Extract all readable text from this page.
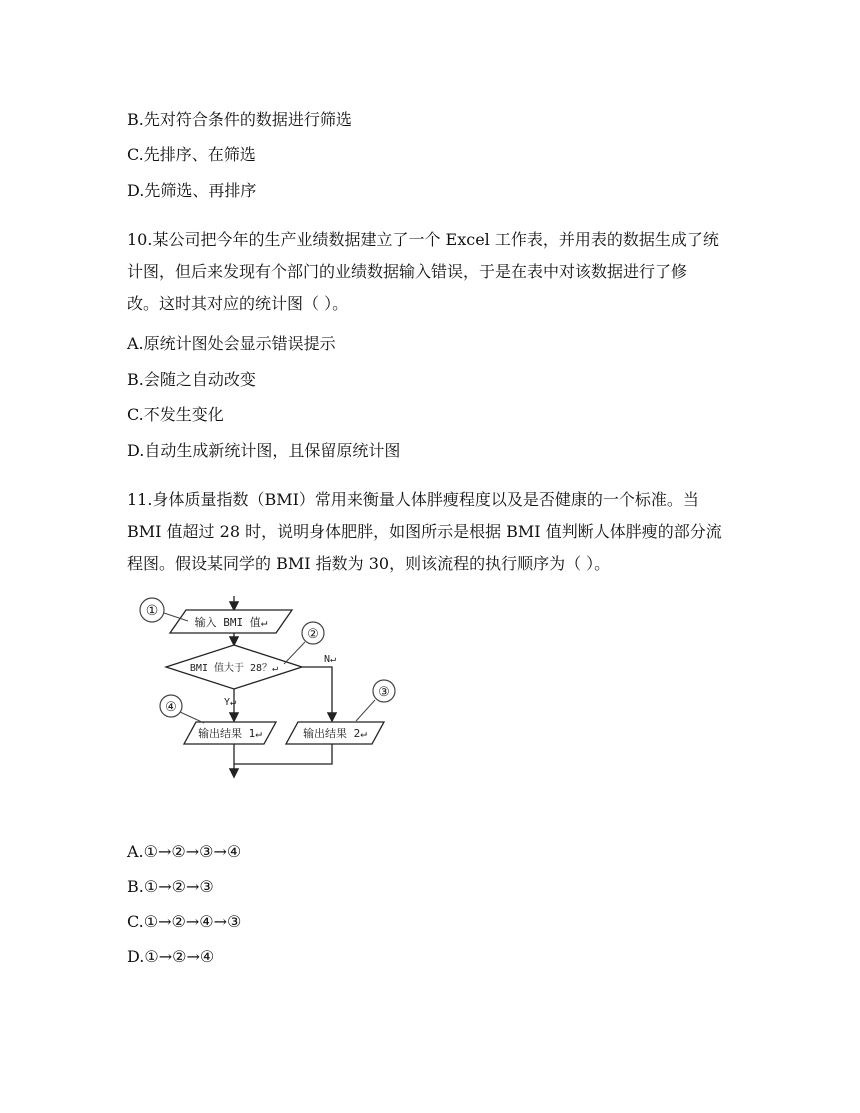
B.先对符合条件的数据进行筛选
C.先排序、在筛选
D.先筛选、再排序
10.某公司把今年的生产业绩数据建立了一个 Excel 工作表，并用表的数据生成了统
计图，但后来发现有个部门的业绩数据输入错误，于是在表中对该数据进行了修
改。这时其对应的统计图（ ）。
A.原统计图处会显示错误提示
B.会随之自动改变
C.不发生变化
D.自动生成新统计图，且保留原统计图
11.身体质量指数（BMI）常用来衡量人体胖瘦程度以及是否健康的一个标准。当
BMI 值超过 28 时，说明身体肥胖，如图所示是根据 BMI 值判断人体胖瘦的部分流
程图。假设某同学的 BMI 指数为 30，则该流程的执行顺序为（ ）。
输入 BMI 值↵
BMI 值大于 28？↵
Y↵
N↵
输出结果 1↵	输出结果 2↵
①
②
③
④
A.①→②→③→④
B.①→②→③
C.①→②→④→③
D.①→②→④
